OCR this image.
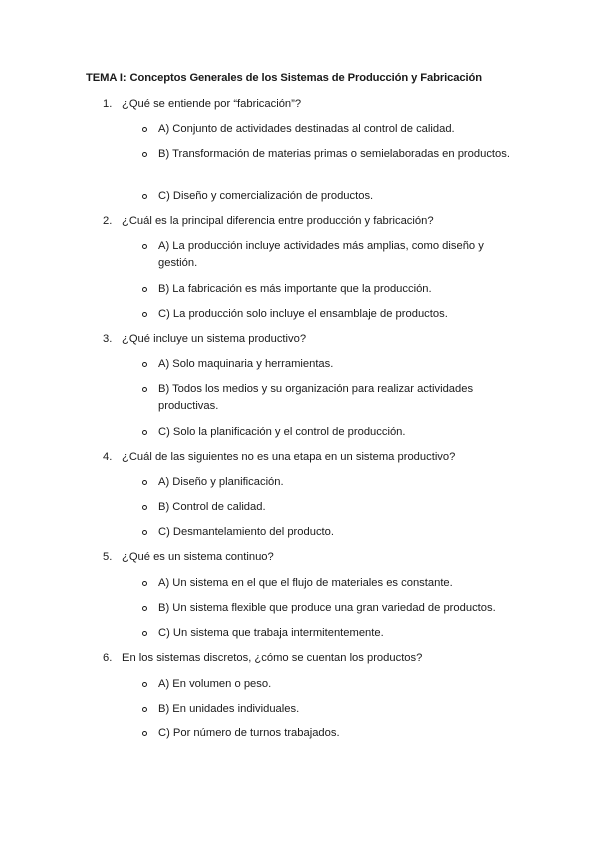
TEMA I: Conceptos Generales de los Sistemas de Producción y Fabricación
1. ¿Qué se entiende por “fabricación”?
A) Conjunto de actividades destinadas al control de calidad.
B) Transformación de materias primas o semielaboradas en productos.
C) Diseño y comercialización de productos.
2. ¿Cuál es la principal diferencia entre producción y fabricación?
A) La producción incluye actividades más amplias, como diseño y gestión.
B) La fabricación es más importante que la producción.
C) La producción solo incluye el ensamblaje de productos.
3. ¿Qué incluye un sistema productivo?
A) Solo maquinaria y herramientas.
B) Todos los medios y su organización para realizar actividades productivas.
C) Solo la planificación y el control de producción.
4. ¿Cuál de las siguientes no es una etapa en un sistema productivo?
A) Diseño y planificación.
B) Control de calidad.
C) Desmantelamiento del producto.
5. ¿Qué es un sistema continuo?
A) Un sistema en el que el flujo de materiales es constante.
B) Un sistema flexible que produce una gran variedad de productos.
C) Un sistema que trabaja intermitentemente.
6. En los sistemas discretos, ¿cómo se cuentan los productos?
A) En volumen o peso.
B) En unidades individuales.
C) Por número de turnos trabajados.
